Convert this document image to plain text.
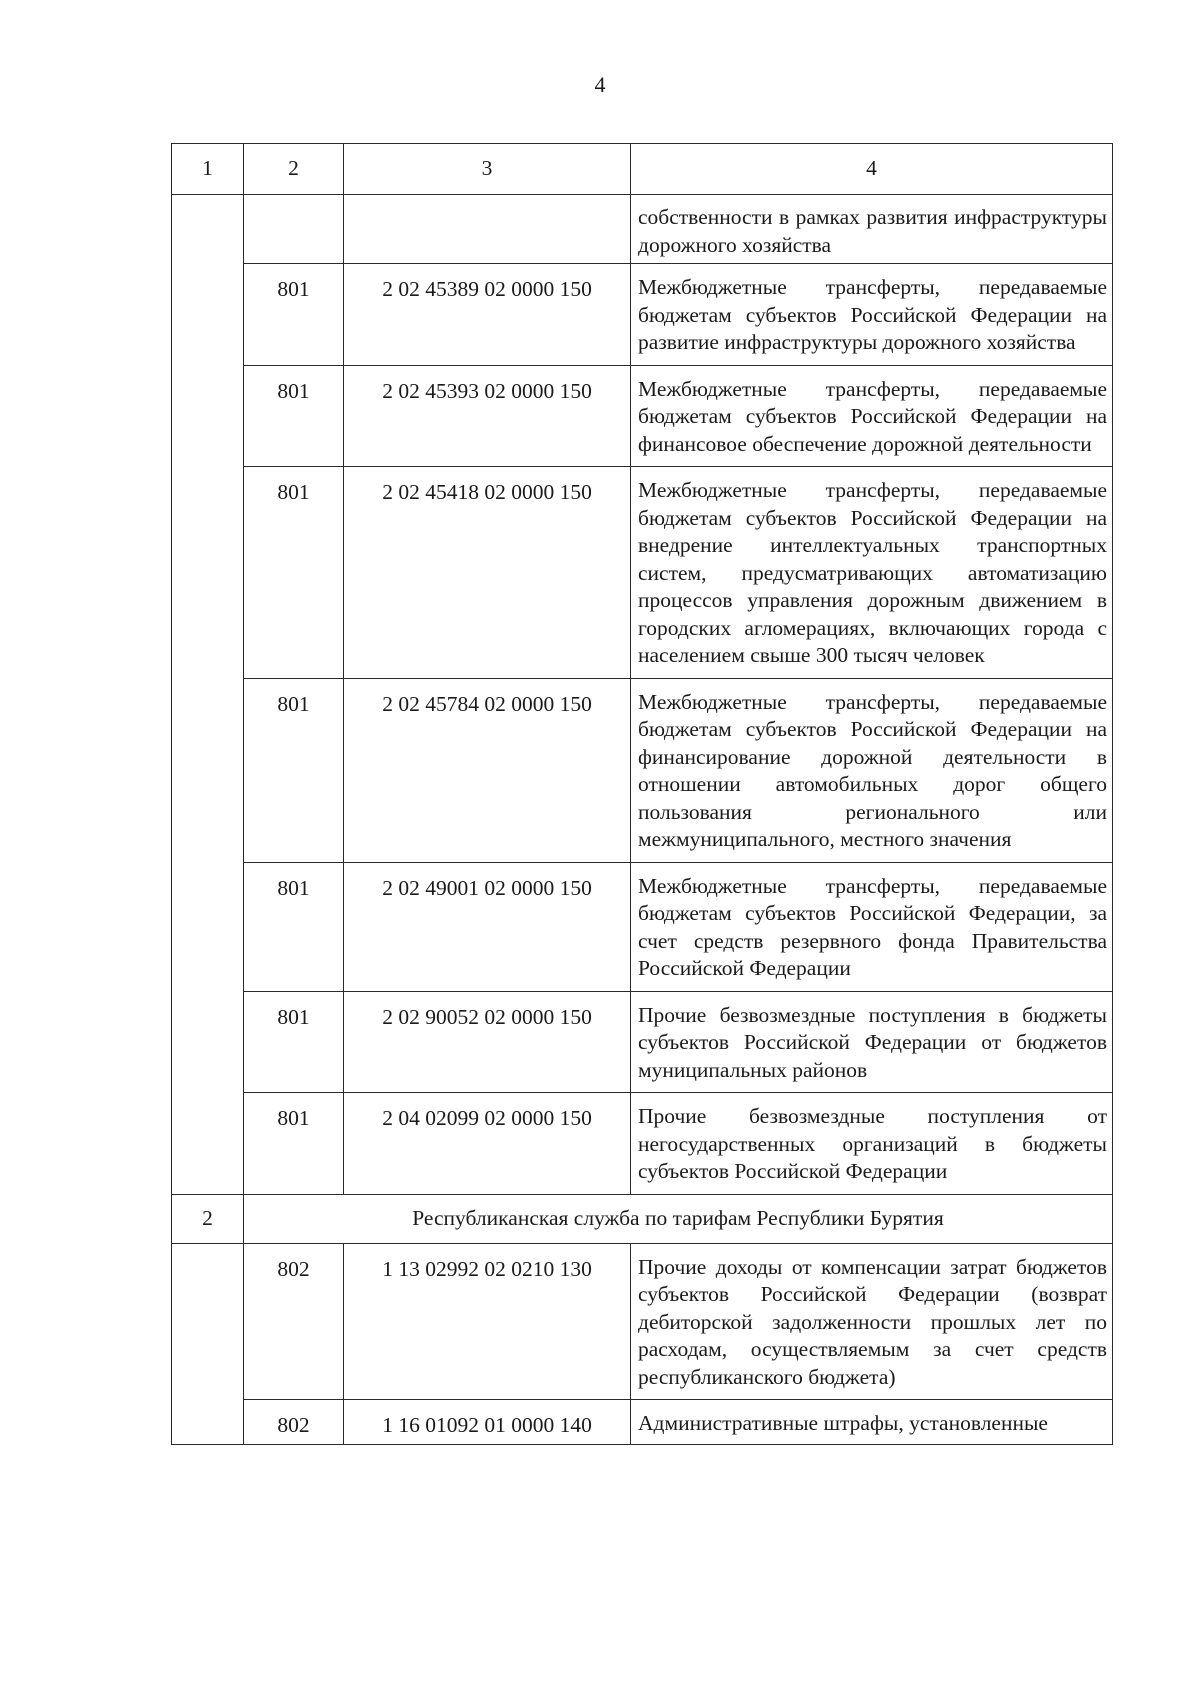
4
1	2	3	4
			собственности в рамках развития инфраструктуры дорожного хозяйства
	801	2 02 45389 02 0000 150	Межбюджетные трансферты, передаваемые бюджетам субъектов Российской Федерации на развитие инфраструктуры дорожного хозяйства
	801	2 02 45393 02 0000 150	Межбюджетные трансферты, передаваемые бюджетам субъектов Российской Федерации на финансовое обеспечение дорожной деятельности
	801	2 02 45418 02 0000 150	Межбюджетные трансферты, передаваемые бюджетам субъектов Российской Федерации на внедрение интеллектуальных транспортных систем, предусматривающих автоматизацию процессов управления дорожным движением в городских агломерациях, включающих города с населением свыше 300 тысяч человек
	801	2 02 45784 02 0000 150	Межбюджетные трансферты, передаваемые бюджетам субъектов Российской Федерации на финансирование дорожной деятельности в отношении автомобильных дорог общего пользования регионального или межмуниципального, местного значения
	801	2 02 49001 02 0000 150	Межбюджетные трансферты, передаваемые бюджетам субъектов Российской Федерации, за счет средств резервного фонда Правительства Российской Федерации
	801	2 02 90052 02 0000 150	Прочие безвозмездные поступления в бюджеты субъектов Российской Федерации от бюджетов муниципальных районов
	801	2 04 02099 02 0000 150	Прочие безвозмездные поступления от негосударственных организаций в бюджеты субъектов Российской Федерации
2	Республиканская служба по тарифам Республики Бурятия		
	802	1 13 02992 02 0210 130	Прочие доходы от компенсации затрат бюджетов субъектов Российской Федерации (возврат дебиторской задолженности прошлых лет по расходам, осуществляемым за счет средств республиканского бюджета)
	802	1 16 01092 01 0000 140	Административные штрафы, установленные
